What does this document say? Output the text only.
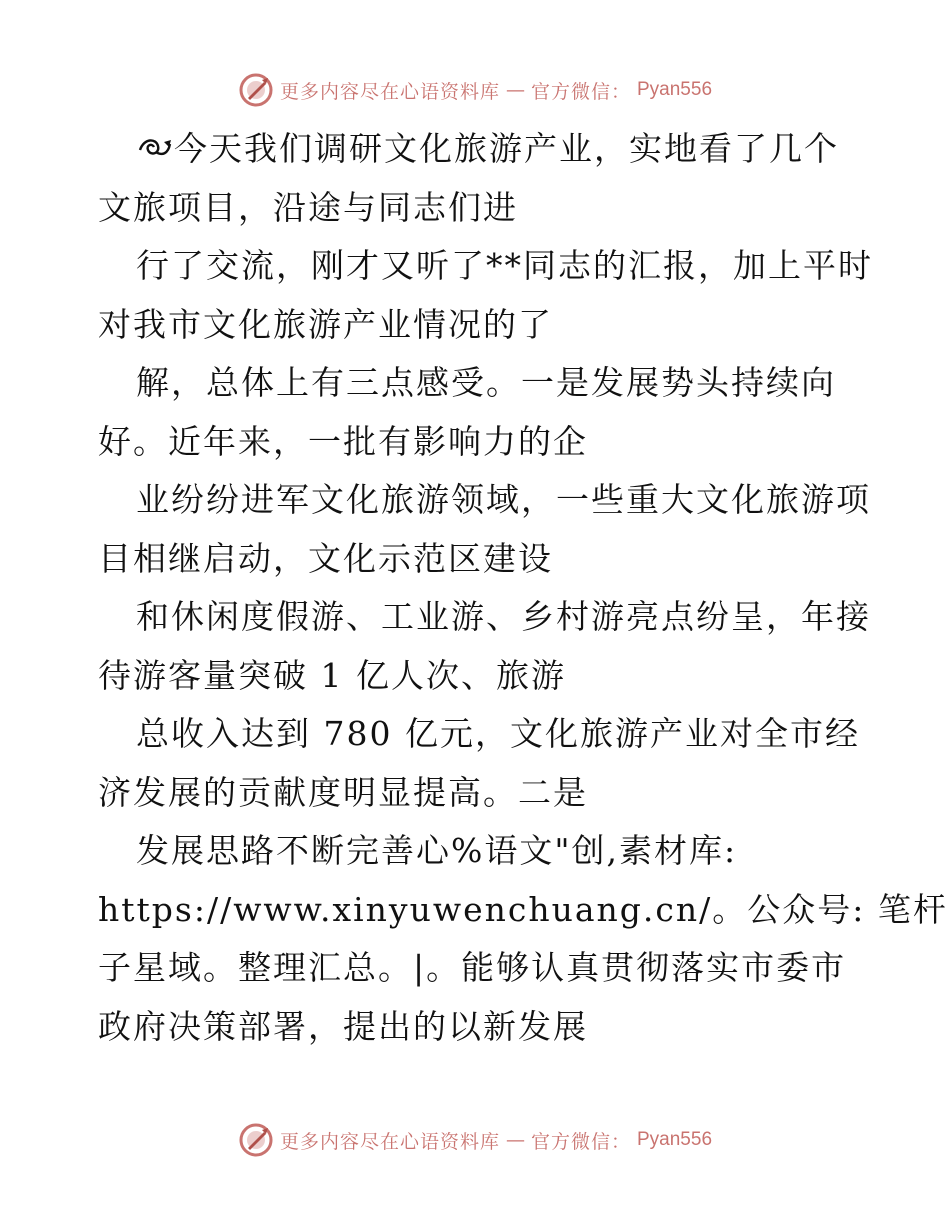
更多内容尽在心语资料库 — 官方微信： Pyan556
今天我们调研文化旅游产业，实地看了几个
文旅项目，沿途与同志们进
行了交流，刚才又听了**同志的汇报，加上平时
对我市文化旅游产业情况的了
解，总体上有三点感受。一是发展势头持续向
好。近年来，一批有影响力的企
业纷纷进军文化旅游领域，一些重大文化旅游项
目相继启动，文化示范区建设
和休闲度假游、工业游、乡村游亮点纷呈，年接
待游客量突破 1 亿人次、旅游
总收入达到 780 亿元，文化旅游产业对全市经
济发展的贡献度明显提高。二是
发展思路不断完善心%语文"创,素材库:
https://www.xinyuwenchuang.cn/。公众号: 笔杆
子星域。整理汇总。|。能够认真贯彻落实市委市
政府决策部署，提出的以新发展
更多内容尽在心语资料库 — 官方微信： Pyan556
